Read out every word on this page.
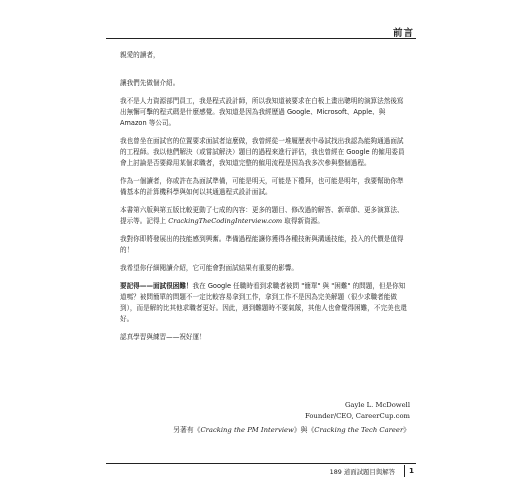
前言

親愛的讀者，

讓我們先做個介紹。

我不是人力資源部門員工，我是程式設計師，所以我知道被要求在白板上畫出聰明的演算法然後寫出無懈可擊的程式碼是什麼感覺。我知道是因為我經歷過 Google、Microsoft、Apple、與 Amazon 等公司。

我也曾坐在面試官的位置要求面試者這麼做，我曾經從一堆履歷表中尋試找出我認為能夠通過面試的工程師。我以他們解決（或嘗試解決）題目的過程來進行評估，我也曾經在 Google 的僱用委員會上討論是否要錄用某個求職者，我知道完整的僱用流程是因為我多次參與整個過程。

作為一個讀者，你或許在為面試準備，可能是明天，可能是下禮拜，也可能是明年，我要幫助你準備基本的計算機科學與如何以其通過程式設計面試。

本書第六版與第五版比較更動了七成的內容：更多的題目、修改過的解答、新章節、更多演算法、提示等。記得上 CrackingTheCodingInterview.com 取得新資源。

我對你即將發展出的技能感到興奮。準備過程能讓你獲得各種技術與溝通技能，投入的代價是值得的！

我希望你仔細閱讀介紹，它可能會對面試結果有重要的影響。

要記得——面試很困難！我在 Google 任職時看到求職者被問 "簡單" 與 "困難" 的問題，但是你知道嗎？被問簡單的問題不一定比較容易拿到工作，拿到工作不是因為完美解題（很少求職者能做到），而是解的比其他求職者更好。因此，遇到難題時不要氣餒，其他人也會覺得困難，不完美也還好。

認真學習與練習——祝好運！

Gayle L. McDowell
Founder/CEO, CareerCup.com
另著有《Cracking the PM Interview》與《Cracking the Tech Career》
189 道面試題目與解答 1
